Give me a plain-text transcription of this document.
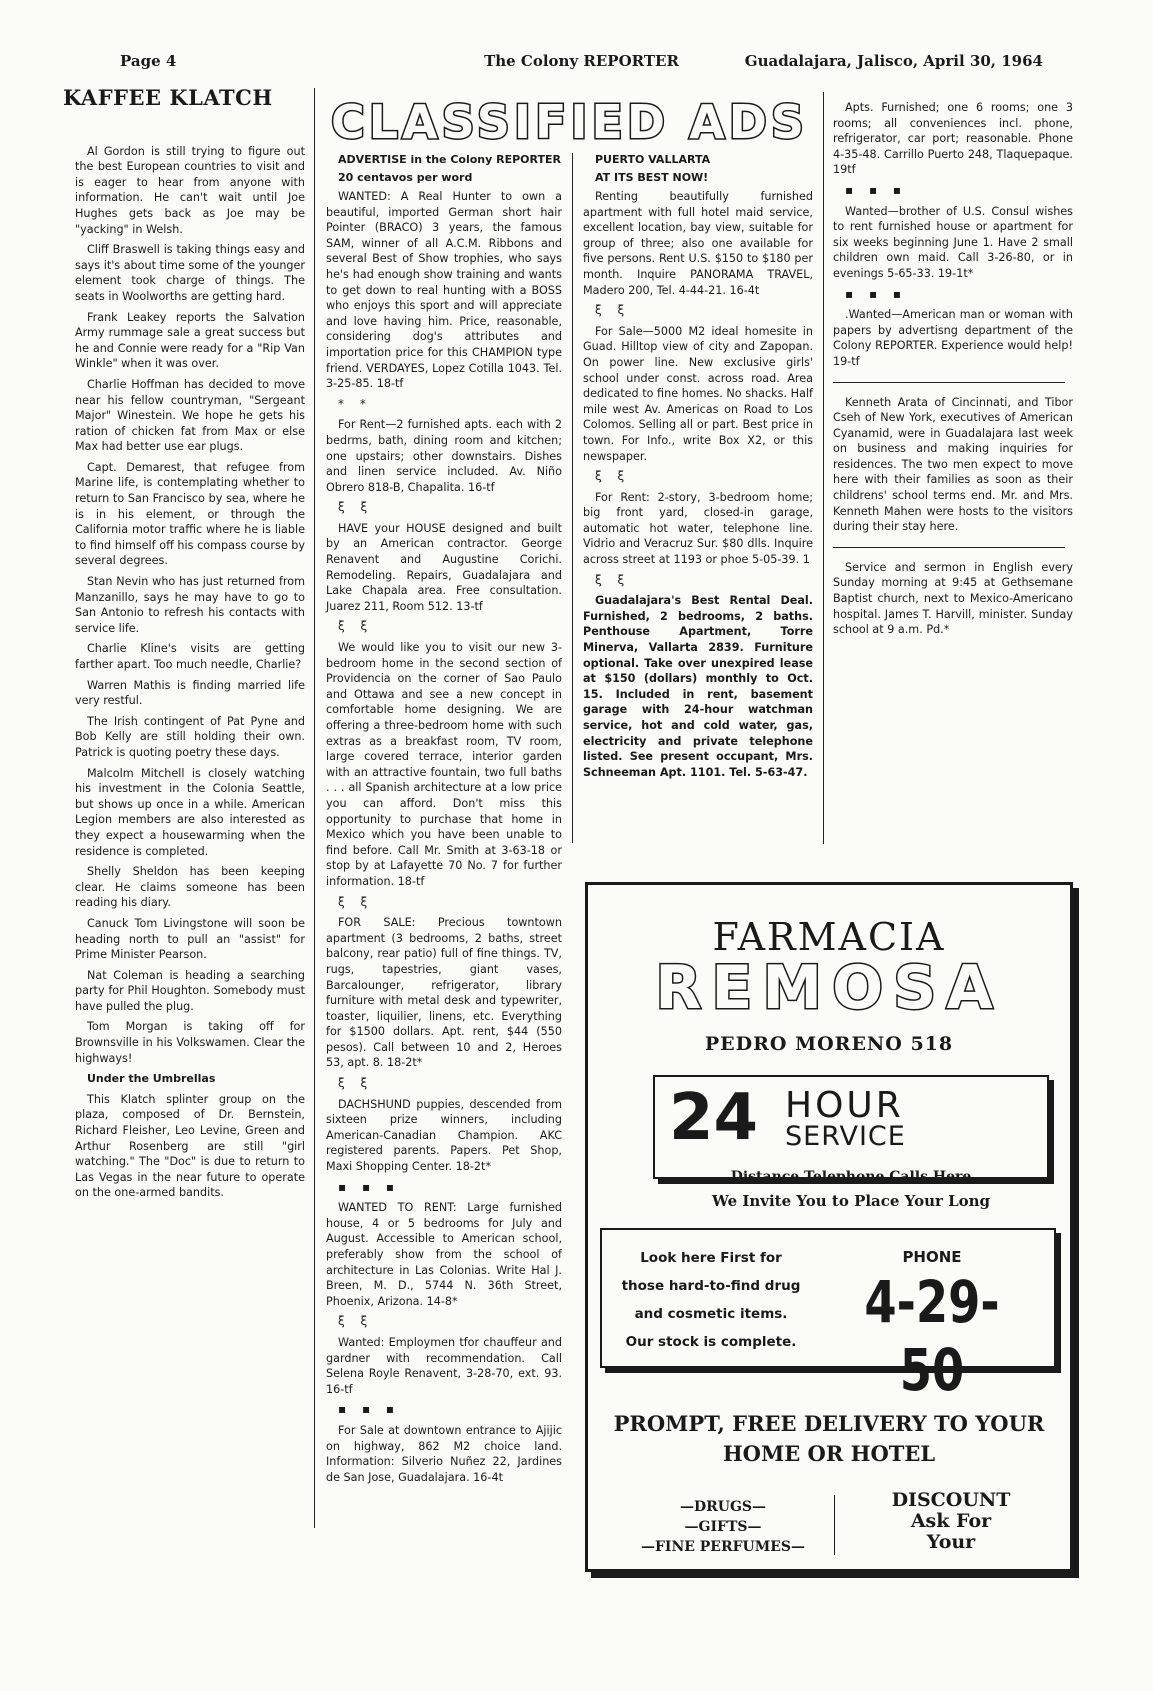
Page 4	The Colony REPORTER	Guadalajara, Jalisco, April 30, 1964
KAFFEE KLATCH

Al Gordon is still trying to figure out the best European countries to visit and is eager to hear from anyone with information. He can't wait until Joe Hughes gets back as Joe may be "yacking" in Welsh.

Cliff Braswell is taking things easy and says it's about time some of the younger element took charge of things. The seats in Woolworths are getting hard.

Frank Leakey reports the Salvation Army rummage sale a great success but he and Connie were ready for a "Rip Van Winkle" when it was over.

Charlie Hoffman has decided to move near his fellow countryman, "Sergeant Major" Winestein. We hope he gets his ration of chicken fat from Max or else Max had better use ear plugs.

Capt. Demarest, that refugee from Marine life, is contemplating whether to return to San Francisco by sea, where he is in his element, or through the California motor traffic where he is liable to find himself off his compass course by several degrees.

Stan Nevin who has just returned from Manzanillo, says he may have to go to San Antonio to refresh his contacts with service life.

Charlie Kline's visits are getting farther apart. Too much needle, Charlie?

Warren Mathis is finding married life very restful.

The Irish contingent of Pat Pyne and Bob Kelly are still holding their own. Patrick is quoting poetry these days.

Malcolm Mitchell is closely watching his investment in the Colonia Seattle, but shows up once in a while. American Legion members are also interested as they expect a housewarming when the residence is completed.

Shelly Sheldon has been keeping clear. He claims someone has been reading his diary.

Canuck Tom Livingstone will soon be heading north to pull an "assist" for Prime Minister Pearson.

Nat Coleman is heading a searching party for Phil Houghton. Somebody must have pulled the plug.

Tom Morgan is taking off for Brownsville in his Volkswamen. Clear the highways!

Under the Umbrellas

This Klatch splinter group on the plaza, composed of Dr. Bernstein, Richard Fleisher, Leo Levine, Green and Arthur Rosenberg are still "girl watching." The "Doc" is due to return to Las Vegas in the near future to operate on the one-armed bandits.

CLASSIFIED ADS

ADVERTISE in the Colony REPORTER

20 centavos per word

WANTED: A Real Hunter to own a beautiful, imported German short hair Pointer (BRACO) 3 years, the famous SAM, winner of all A.C.M. Ribbons and several Best of Show trophies, who says he's had enough show training and wants to get down to real hunting with a BOSS who enjoys this sport and will appreciate and love having him. Price, reasonable, considering dog's attributes and importation price for this CHAMPION type friend. VERDAYES, Lopez Cotilla 1043. Tel. 3-25-85. 18-tf

* *

For Rent—2 furnished apts. each with 2 bedrms, bath, dining room and kitchen; one upstairs; other downstairs. Dishes and linen service included. Av. Niño Obrero 818-B, Chapalita. 16-tf

ξ ξ

HAVE your HOUSE designed and built by an American contractor. George Renavent and Augustine Corichi. Remodeling. Repairs, Guadalajara and Lake Chapala area. Free consultation. Juarez 211, Room 512. 13-tf

ξ ξ

We would like you to visit our new 3-bedroom home in the second section of Providencia on the corner of Sao Paulo and Ottawa and see a new concept in comfortable home designing. We are offering a three-bedroom home with such extras as a breakfast room, TV room, large covered terrace, interior garden with an attractive fountain, two full baths . . . all Spanish architecture at a low price you can afford. Don't miss this opportunity to purchase that home in Mexico which you have been unable to find before. Call Mr. Smith at 3-63-18 or stop by at Lafayette 70 No. 7 for further information. 18-tf

ξ ξ

FOR SALE: Precious towntown apartment (3 bedrooms, 2 baths, street balcony, rear patio) full of fine things. TV, rugs, tapestries, giant vases, Barcalounger, refrigerator, library furniture with metal desk and typewriter, toaster, liquilier, linens, etc. Everything for $1500 dollars. Apt. rent, $44 (550 pesos). Call between 10 and 2, Heroes 53, apt. 8. 18-2t*

ξ ξ

DACHSHUND puppies, descended from sixteen prize winners, including American-Canadian Champion. AKC registered parents. Papers. Pet Shop, Maxi Shopping Center. 18-2t*

▪ ▪ ▪

WANTED TO RENT: Large furnished house, 4 or 5 bedrooms for July and August. Accessible to American school, preferably show from the school of architecture in Las Colonias. Write Hal J. Breen, M. D., 5744 N. 36th Street, Phoenix, Arizona. 14-8*

ξ ξ

Wanted: Employmen tfor chauffeur and gardner with recommendation. Call Selena Royle Renavent, 3-28-70, ext. 93. 16-tf

▪ ▪ ▪

For Sale at downtown entrance to Ajijic on highway, 862 M2 choice land. Information: Silverio Nuñez 22, Jardines de San Jose, Guadalajara. 16-4t

PUERTO VALLARTA

AT ITS BEST NOW!

Renting beautifully furnished apartment with full hotel maid service, excellent location, bay view, suitable for group of three; also one available for five persons. Rent U.S. $150 to $180 per month. Inquire PANORAMA TRAVEL, Madero 200, Tel. 4-44-21. 16-4t

ξ ξ

For Sale—5000 M2 ideal homesite in Guad. Hilltop view of city and Zapopan. On power line. New exclusive girls' school under const. across road. Area dedicated to fine homes. No shacks. Half mile west Av. Americas on Road to Los Colomos. Selling all or part. Best price in town. For Info., write Box X2, or this newspaper.

ξ ξ

For Rent: 2-story, 3-bedroom home; big front yard, closed-in garage, automatic hot water, telephone line. Vidrio and Veracruz Sur. $80 dlls. Inquire across street at 1193 or phoe 5-05-39. 1

ξ ξ

Guadalajara's Best Rental Deal. Furnished, 2 bedrooms, 2 baths. Penthouse Apartment, Torre Minerva, Vallarta 2839. Furniture optional. Take over unexpired lease at $150 (dollars) monthly to Oct. 15. Included in rent, basement garage with 24-hour watchman service, hot and cold water, gas, electricity and private telephone listed. See present occupant, Mrs. Schneeman Apt. 1101. Tel. 5-63-47.

Apts. Furnished; one 6 rooms; one 3 rooms; all conveniences incl. phone, refrigerator, car port; reasonable. Phone 4-35-48. Carrillo Puerto 248, Tlaquepaque. 19tf

▪ ▪ ▪

Wanted—brother of U.S. Consul wishes to rent furnished house or apartment for six weeks beginning June 1. Have 2 small children own maid. Call 3-26-80, or in evenings 5-65-33. 19-1t*

▪ ▪ ▪

.Wanted—American man or woman with papers by advertisng department of the Colony REPORTER. Experience would help! 19-tf

Kenneth Arata of Cincinnati, and Tibor Cseh of New York, executives of American Cyanamid, were in Guadalajara last week on business and making inquiries for residences. The two men expect to move here with their families as soon as their childrens' school terms end. Mr. and Mrs. Kenneth Mahen were hosts to the visitors during their stay here.

Service and sermon in English every Sunday morning at 9:45 at Gethsemane Baptist church, next to Mexico-Americano hospital. James T. Harvill, minister. Sunday school at 9 a.m. Pd.*

FARMACIA
REMOSA
PEDRO MORENO 518
24 HOUR
SERVICE
Distance Telephone Calls Here
We Invite You to Place Your Long
Look here First for
those hard-to-find drug
and cosmetic items.
Our stock is complete.
PHONE
4-29-50
PROMPT, FREE DELIVERY TO YOUR HOME OR HOTEL
—DRUGS—
—GIFTS—
—FINE PERFUMES—
DISCOUNT
Ask For
Your
